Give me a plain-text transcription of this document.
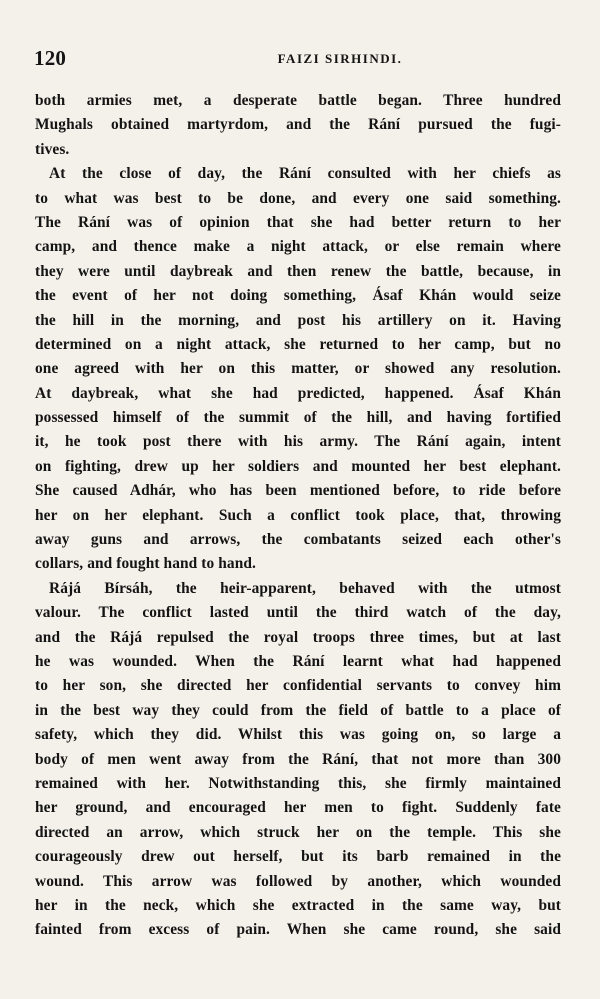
120	FAIZI SIRHINDI.
both armies met, a desperate battle began. Three hundred
Mughals obtained martyrdom, and the Rání pursued the fugi-
tives.
At the close of day, the Rání consulted with her chiefs as
to what was best to be done, and every one said something.
The Rání was of opinion that she had better return to her
camp, and thence make a night attack, or else remain where
they were until daybreak and then renew the battle, because, in
the event of her not doing something, Ásaf Khán would seize
the hill in the morning, and post his artillery on it. Having
determined on a night attack, she returned to her camp, but no
one agreed with her on this matter, or showed any resolution.
At daybreak, what she had predicted, happened. Ásaf Khán
possessed himself of the summit of the hill, and having fortified
it, he took post there with his army. The Rání again, intent
on fighting, drew up her soldiers and mounted her best elephant.
She caused Adhár, who has been mentioned before, to ride before
her on her elephant. Such a conflict took place, that, throwing
away guns and arrows, the combatants seized each other's
collars, and fought hand to hand.
Rájá Bírsáh, the heir-apparent, behaved with the utmost
valour. The conflict lasted until the third watch of the day,
and the Rájá repulsed the royal troops three times, but at last
he was wounded. When the Rání learnt what had happened
to her son, she directed her confidential servants to convey him
in the best way they could from the field of battle to a place of
safety, which they did. Whilst this was going on, so large a
body of men went away from the Rání, that not more than 300
remained with her. Notwithstanding this, she firmly maintained
her ground, and encouraged her men to fight. Suddenly fate
directed an arrow, which struck her on the temple. This she
courageously drew out herself, but its barb remained in the
wound. This arrow was followed by another, which wounded
her in the neck, which she extracted in the same way, but
fainted from excess of pain. When she came round, she said
